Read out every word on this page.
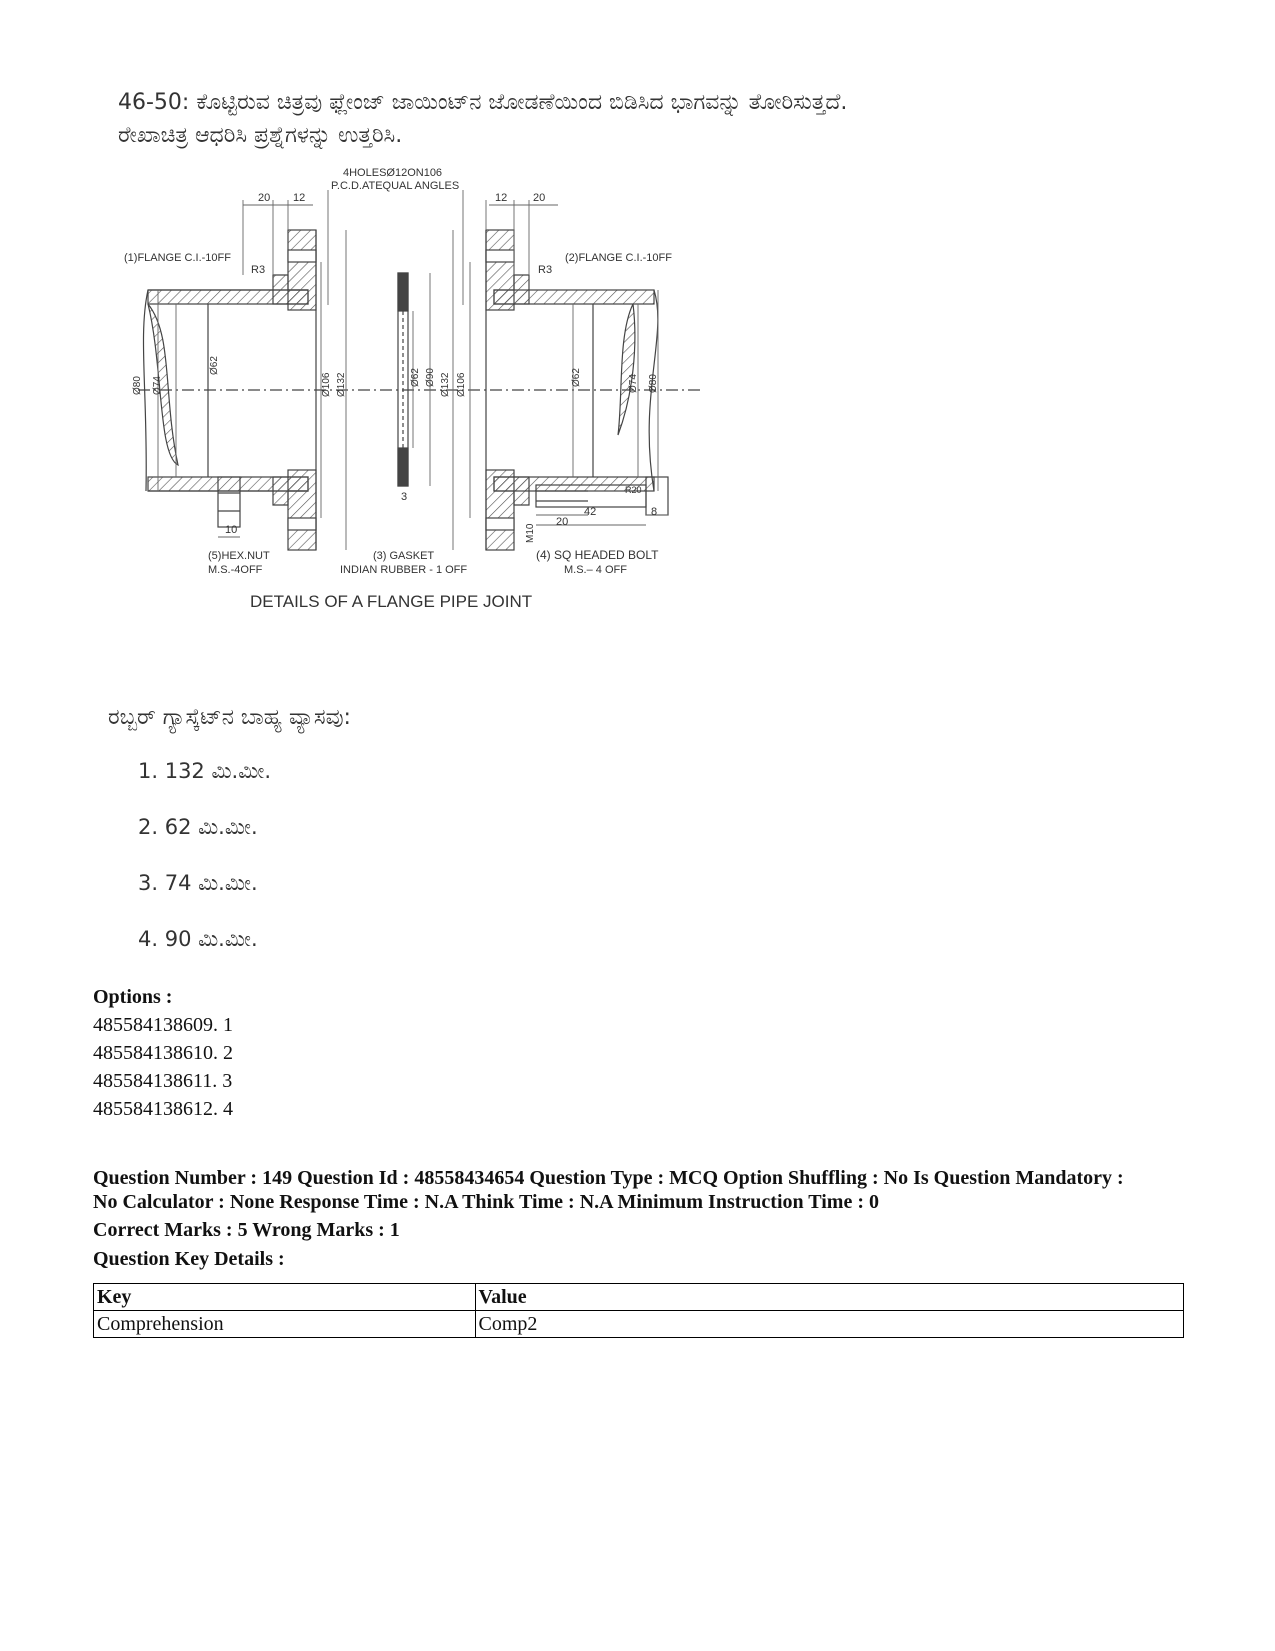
46-50: ಕೊಟ್ಟಿರುವ ಚಿತ್ರವು ಫ್ಲೇಂಜ್ ಜಾಯಿಂಟ್‌ನ ಜೋಡಣೆಯಿಂದ ಬಿಡಿಸಿದ ಭಾಗವನ್ನು ತೋರಿಸುತ್ತದೆ.
ರೇಖಾಚಿತ್ರ ಆಧರಿಸಿ ಪ್ರಶ್ನೆಗಳನ್ನು ಉತ್ತರಿಸಿ.
4HOLESØ12ON106
P.C.D.ATEQUAL ANGLES
20 12	12 20
(1)FLANGE C.I.-10FF
R3
(2)FLANGE C.I.-10FF
R3
Ø80 Ø74
Ø62
Ø106 Ø132	Ø62 Ø90 Ø132 Ø106	Ø62	Ø74 Ø80
3
10
20
42	8
R20
M10
(5)HEX.NUT
M.S.-4OFF
(3) GASKET
INDIAN RUBBER - 1 OFF
(4) SQ HEADED BOLT
M.S.– 4 OFF
DETAILS OF A FLANGE PIPE JOINT
ರಬ್ಬರ್ ಗ್ಯಾಸ್ಕೆಟ್‌ನ ಬಾಹ್ಯ ವ್ಯಾಸವು:
1. 132 ಮಿ.ಮೀ.
2. 62 ಮಿ.ಮೀ.
3. 74 ಮಿ.ಮೀ.
4. 90 ಮಿ.ಮೀ.
Options :
485584138609. 1
485584138610. 2
485584138611. 3
485584138612. 4
Question Number : 149 Question Id : 48558434654 Question Type : MCQ Option Shuffling : No Is Question Mandatory :
No Calculator : None Response Time : N.A Think Time : N.A Minimum Instruction Time : 0
Correct Marks : 5 Wrong Marks : 1
Question Key Details :
Key	Value
Comprehension	Comp2
